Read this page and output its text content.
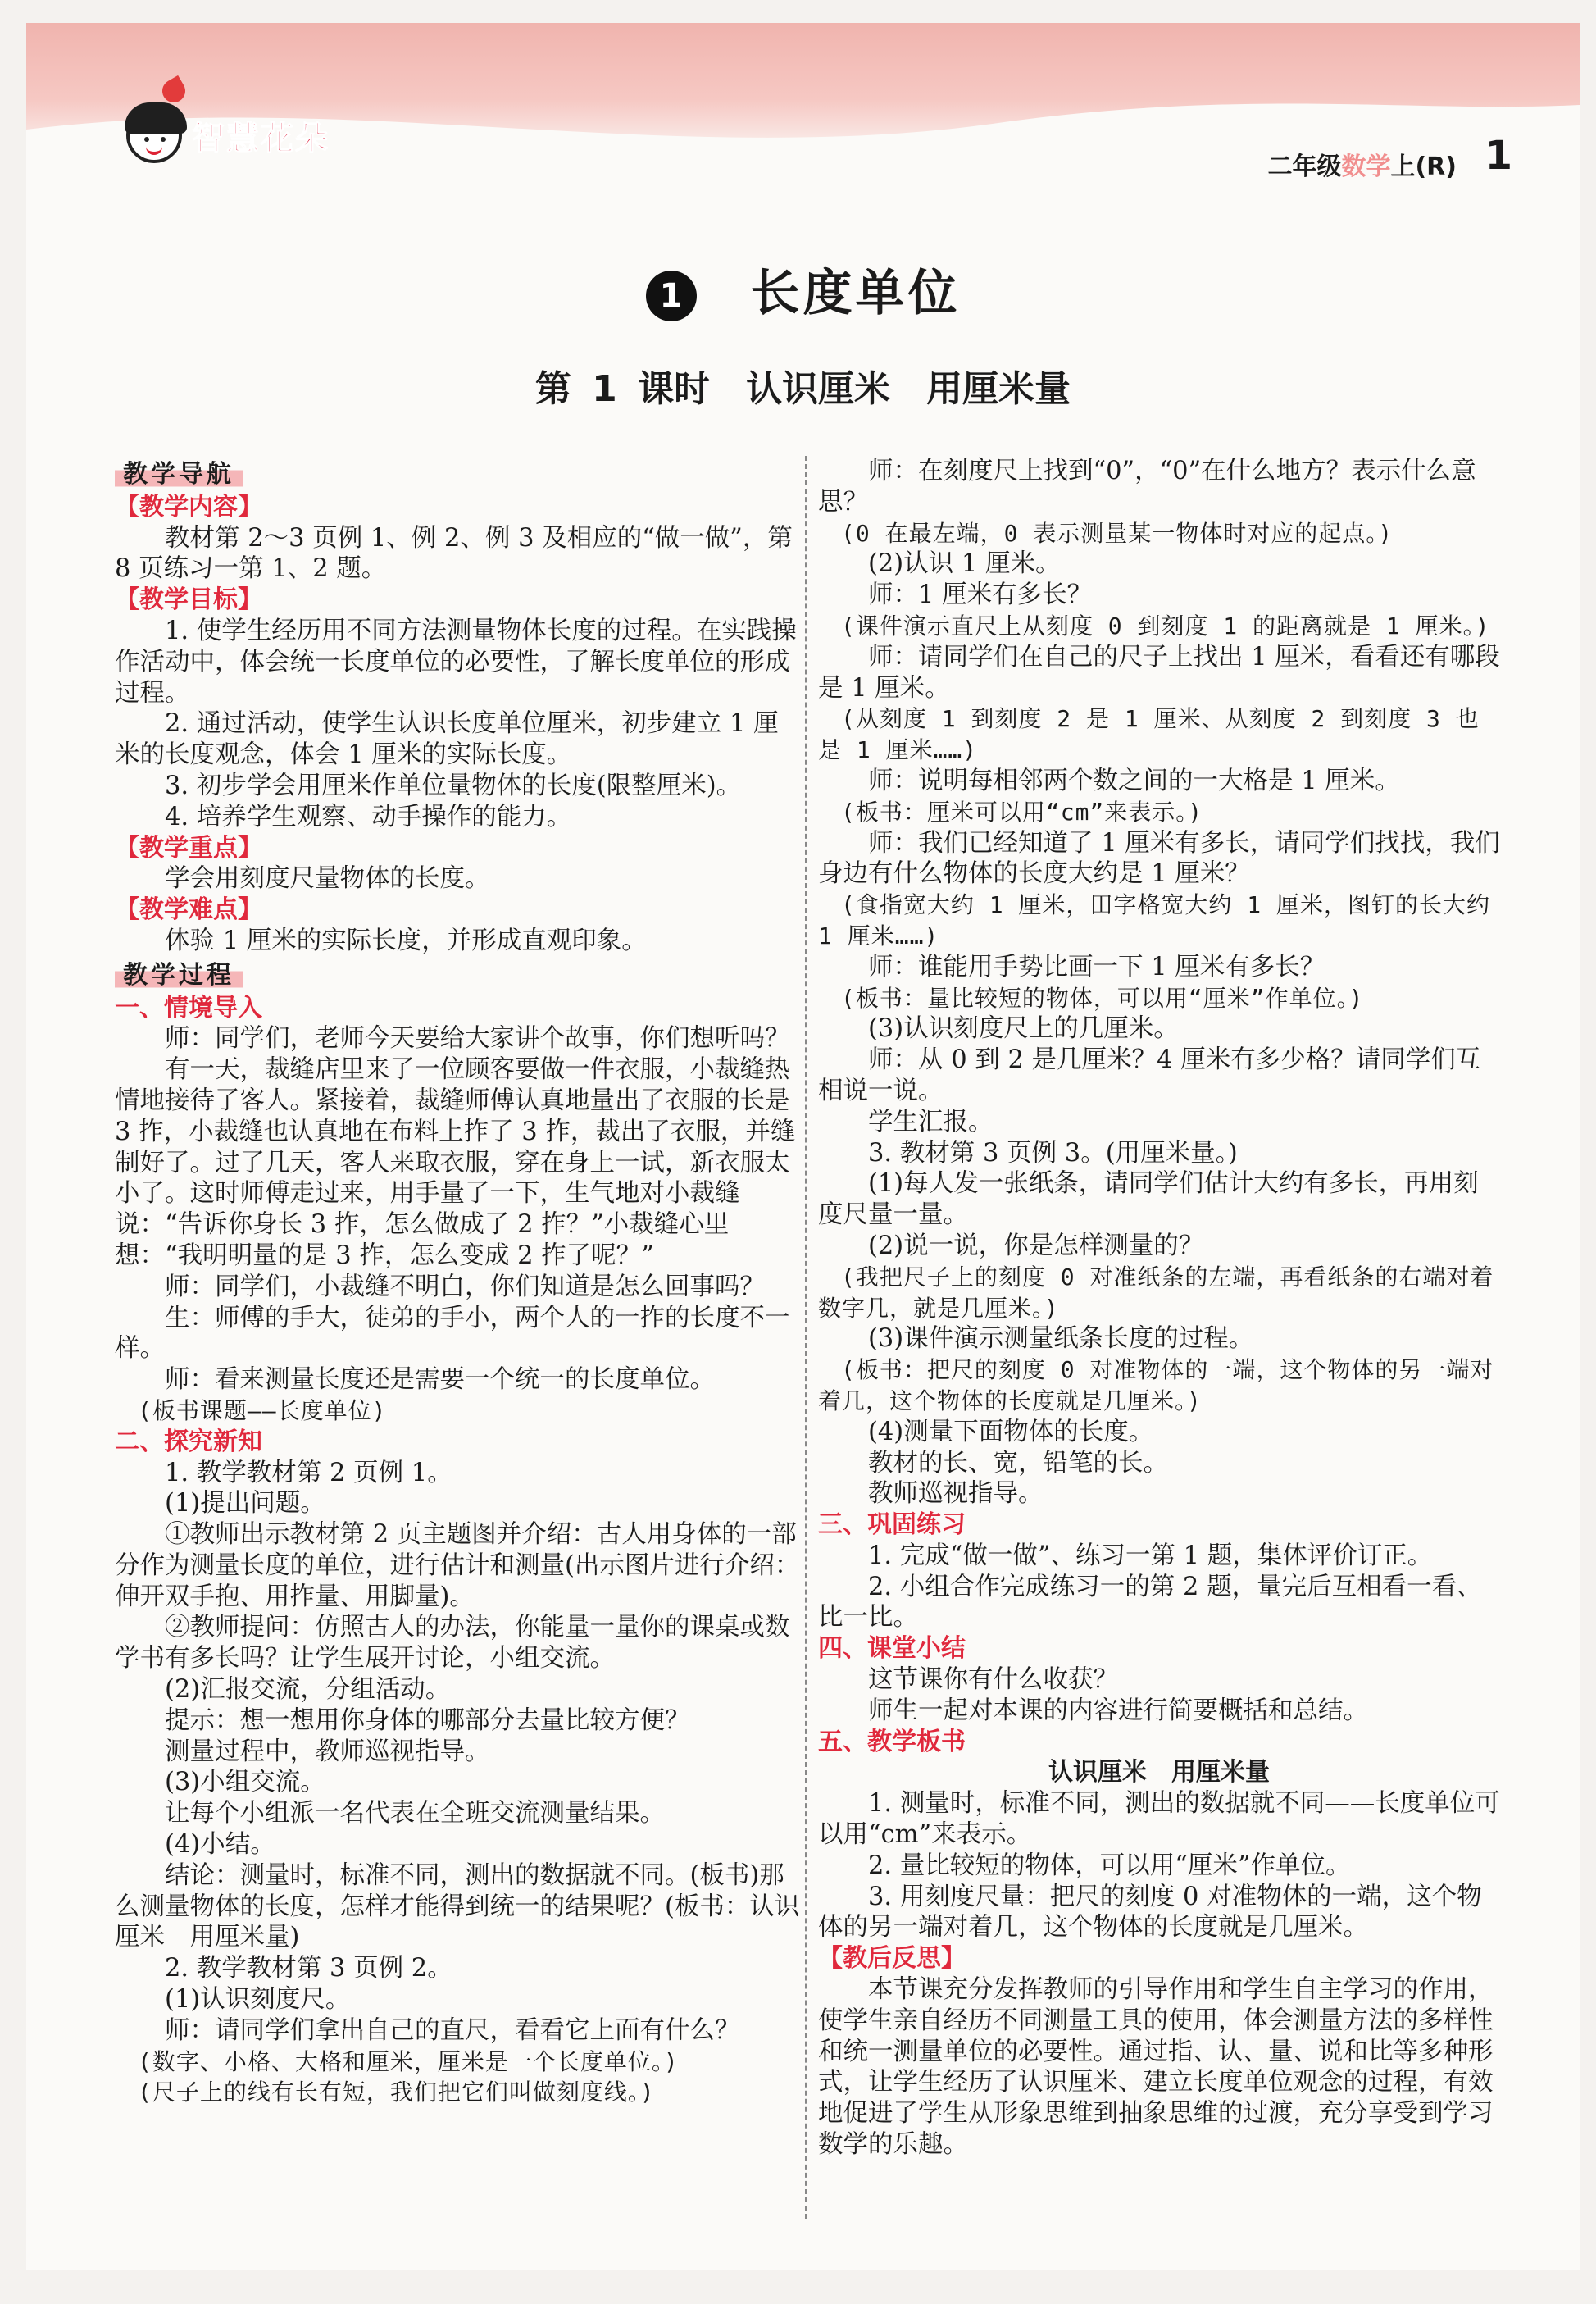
智慧花朵
二年级数学上(R) 1
1 长度单位
第 1 课时　认识厘米　用厘米量
教学导航

【教学内容】

教材第 2～3 页例 1、例 2、例 3 及相应的“做一做”，第 8 页练习一第 1、2 题。

【教学目标】

1. 使学生经历用不同方法测量物体长度的过程。在实践操作活动中，体会统一长度单位的必要性，了解长度单位的形成过程。

2. 通过活动，使学生认识长度单位厘米，初步建立 1 厘米的长度观念，体会 1 厘米的实际长度。

3. 初步学会用厘米作单位量物体的长度(限整厘米)。

4. 培养学生观察、动手操作的能力。

【教学重点】

学会用刻度尺量物体的长度。

【教学难点】

体验 1 厘米的实际长度，并形成直观印象。

教学过程

一、情境导入

师：同学们，老师今天要给大家讲个故事，你们想听吗？

有一天，裁缝店里来了一位顾客要做一件衣服，小裁缝热情地接待了客人。紧接着，裁缝师傅认真地量出了衣服的长是 3 拃，小裁缝也认真地在布料上拃了 3 拃，裁出了衣服，并缝制好了。过了几天，客人来取衣服，穿在身上一试，新衣服太小了。这时师傅走过来，用手量了一下，生气地对小裁缝说：“告诉你身长 3 拃，怎么做成了 2 拃？”小裁缝心里想：“我明明量的是 3 拃，怎么变成 2 拃了呢？”

师：同学们，小裁缝不明白，你们知道是怎么回事吗？

生：师傅的手大，徒弟的手小，两个人的一拃的长度不一样。

师：看来测量长度还是需要一个统一的长度单位。

(板书课题——长度单位)

二、探究新知

1. 教学教材第 2 页例 1。

(1)提出问题。

①教师出示教材第 2 页主题图并介绍：古人用身体的一部分作为测量长度的单位，进行估计和测量(出示图片进行介绍：伸开双手抱、用拃量、用脚量)。

②教师提问：仿照古人的办法，你能量一量你的课桌或数学书有多长吗？让学生展开讨论，小组交流。

(2)汇报交流，分组活动。

提示：想一想用你身体的哪部分去量比较方便？

测量过程中，教师巡视指导。

(3)小组交流。

让每个小组派一名代表在全班交流测量结果。

(4)小结。

结论：测量时，标准不同，测出的数据就不同。(板书)那么测量物体的长度，怎样才能得到统一的结果呢？(板书：认识厘米　用厘米量)

2. 教学教材第 3 页例 2。

(1)认识刻度尺。

师：请同学们拿出自己的直尺，看看它上面有什么？

(数字、小格、大格和厘米，厘米是一个长度单位。)

(尺子上的线有长有短，我们把它们叫做刻度线。)

师：在刻度尺上找到“0”，“0”在什么地方？表示什么意思？

(0 在最左端，0 表示测量某一物体时对应的起点。)

(2)认识 1 厘米。

师：1 厘米有多长？

(课件演示直尺上从刻度 0 到刻度 1 的距离就是 1 厘米。)

师：请同学们在自己的尺子上找出 1 厘米，看看还有哪段是 1 厘米。

(从刻度 1 到刻度 2 是 1 厘米、从刻度 2 到刻度 3 也是 1 厘米……)

师：说明每相邻两个数之间的一大格是 1 厘米。

(板书：厘米可以用“cm”来表示。)

师：我们已经知道了 1 厘米有多长，请同学们找找，我们身边有什么物体的长度大约是 1 厘米？

(食指宽大约 1 厘米，田字格宽大约 1 厘米，图钉的长大约 1 厘米……)

师：谁能用手势比画一下 1 厘米有多长？

(板书：量比较短的物体，可以用“厘米”作单位。)

(3)认识刻度尺上的几厘米。

师：从 0 到 2 是几厘米？4 厘米有多少格？请同学们互相说一说。

学生汇报。

3. 教材第 3 页例 3。(用厘米量。)

(1)每人发一张纸条，请同学们估计大约有多长，再用刻度尺量一量。

(2)说一说，你是怎样测量的？

(我把尺子上的刻度 0 对准纸条的左端，再看纸条的右端对着数字几，就是几厘米。)

(3)课件演示测量纸条长度的过程。

(板书：把尺的刻度 0 对准物体的一端，这个物体的另一端对着几，这个物体的长度就是几厘米。)

(4)测量下面物体的长度。

教材的长、宽，铅笔的长。

教师巡视指导。

三、巩固练习

1. 完成“做一做”、练习一第 1 题，集体评价订正。

2. 小组合作完成练习一的第 2 题，量完后互相看一看、比一比。

四、课堂小结

这节课你有什么收获？

师生一起对本课的内容进行简要概括和总结。

五、教学板书

认识厘米　用厘米量

1. 测量时，标准不同，测出的数据就不同——长度单位可以用“cm”来表示。

2. 量比较短的物体，可以用“厘米”作单位。

3. 用刻度尺量：把尺的刻度 0 对准物体的一端，这个物体的另一端对着几，这个物体的长度就是几厘米。

【教后反思】

本节课充分发挥教师的引导作用和学生自主学习的作用，使学生亲自经历不同测量工具的使用，体会测量方法的多样性和统一测量单位的必要性。通过指、认、量、说和比等多种形式，让学生经历了认识厘米、建立长度单位观念的过程，有效地促进了学生从形象思维到抽象思维的过渡，充分享受到学习数学的乐趣。
